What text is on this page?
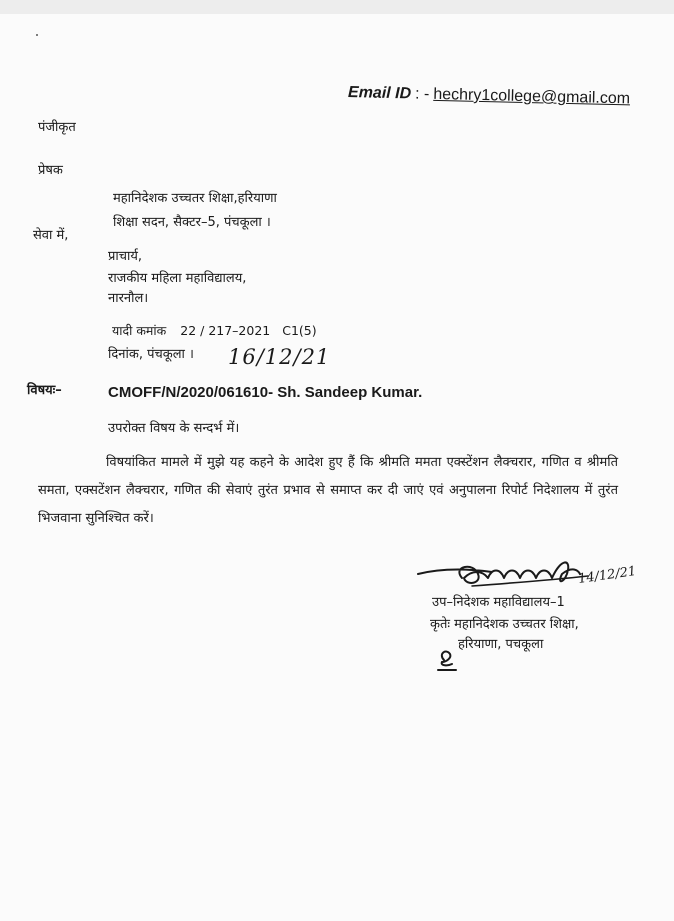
Email ID : - hechry1college@gmail.com
पंजीकृत
प्रेषक
महानिदेशक उच्चतर शिक्षा,हरियाणा
शिक्षा सदन, सैक्टर–5, पंचकूला ।
सेवा में,
प्राचार्य,
राजकीय महिला महाविद्यालय,
नारनौल।
यादी कमांक 22 / 217–2021 C1(5)
दिनांक, पंचकूला । 16/12/21
विषयः–	CMOFF/N/2020/061610- Sh. Sandeep Kumar.
उपरोक्त विषय के सन्दर्भ में।

विषयांकित मामले में मुझे यह कहने के आदेश हुए हैं कि श्रीमति ममता एक्स्टेंशन लैक्चरार, गणित व श्रीमति समता, एक्सटेंशन लैक्चरार, गणित की सेवाएं तुरंत प्रभाव से समाप्त कर दी जाएं एवं अनुपालना रिपोर्ट निदेशालय में तुरंत भिजवाना सुनिश्चित करें।

14/12/21
उप–निदेशक महाविद्यालय–1
कृतेः महानिदेशक उच्चतर शिक्षा,
हरियाणा, पचकूला
